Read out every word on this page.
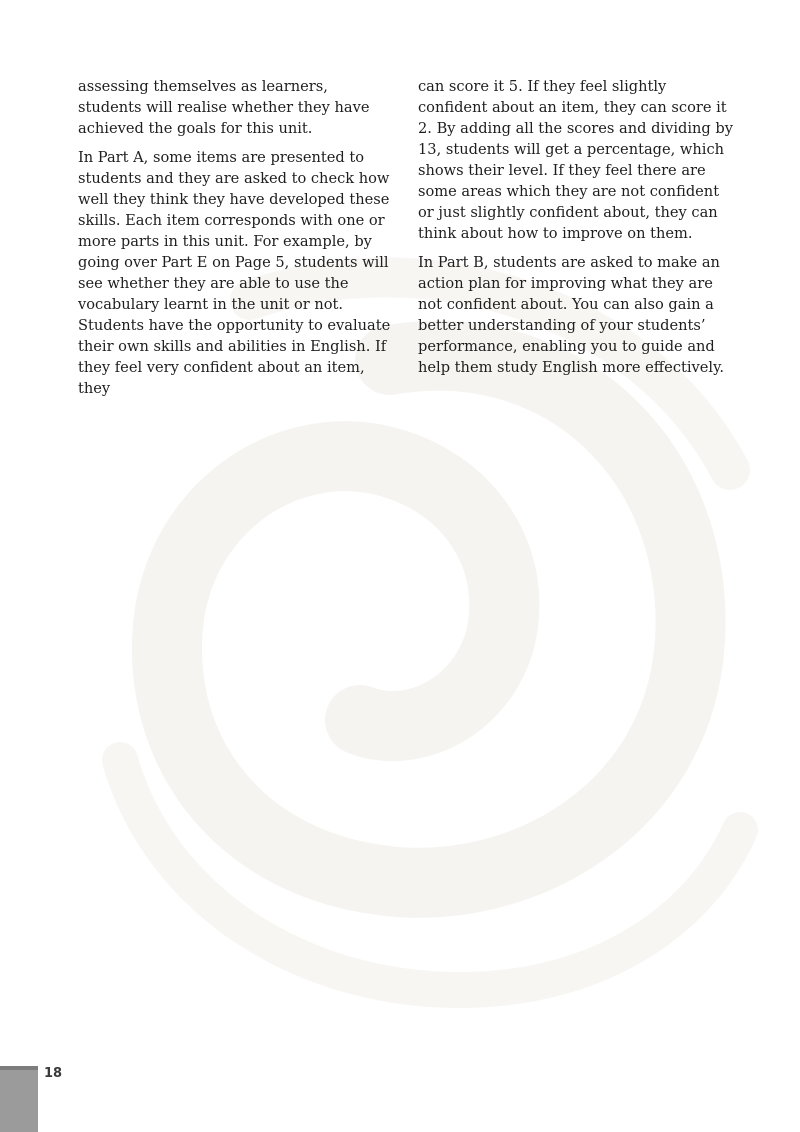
assessing themselves as learners, students will realise whether they have achieved the goals for this unit.

In Part A, some items are presented to students and they are asked to check how well they think they have developed these skills. Each item corresponds with one or more parts in this unit. For example, by going over Part E on Page 5, students will see whether they are able to use the vocabulary learnt in the unit or not. Students have the opportunity to evaluate their own skills and abilities in English. If they feel very confident about an item, they

can score it 5. If they feel slightly confident about an item, they can score it 2. By adding all the scores and dividing by 13, students will get a percentage, which shows their level. If they feel there are some areas which they are not confident or just slightly confident about, they can think about how to improve on them.

In Part B, students are asked to make an action plan for improving what they are not confident about. You can also gain a better understanding of your students’ performance, enabling you to guide and help them study English more effectively.

18
